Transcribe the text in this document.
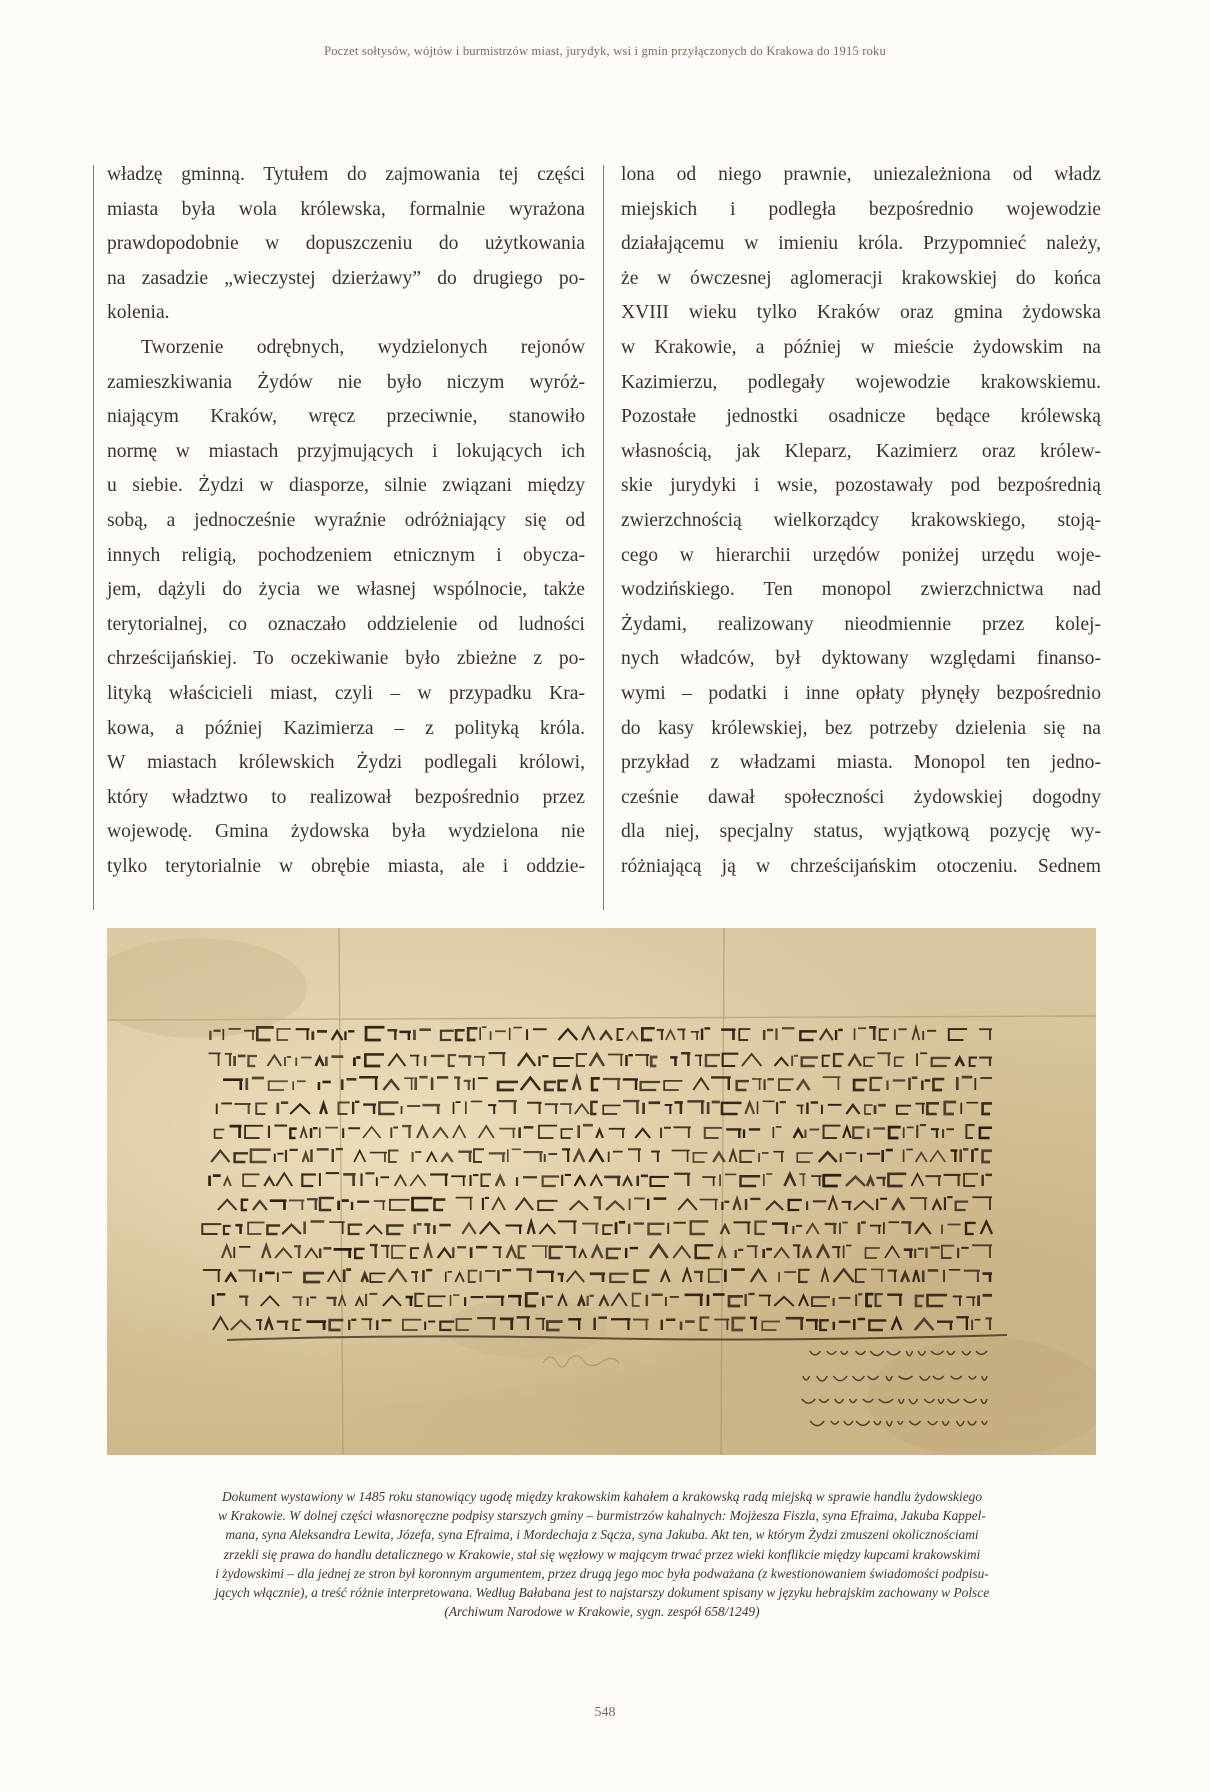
Poczet sołtysów, wójtów i burmistrzów miast, jurydyk, wsi i gmin przyłączonych do Krakowa do 1915 roku
władzę gminną. Tytułem do zajmowania tej części
miasta była wola królewska, formalnie wyrażona
prawdopodobnie w dopuszczeniu do użytkowania
na zasadzie „wieczystej dzierżawy” do drugiego po-
kolenia.
Tworzenie odrębnych, wydzielonych rejonów
zamieszkiwania Żydów nie było niczym wyróż-
niającym Kraków, wręcz przeciwnie, stanowiło
normę w miastach przyjmujących i lokujących ich
u siebie. Żydzi w diasporze, silnie związani między
sobą, a jednocześnie wyraźnie odróżniający się od
innych religią, pochodzeniem etnicznym i obycza-
jem, dążyli do życia we własnej wspólnocie, także
terytorialnej, co oznaczało oddzielenie od ludności
chrześcijańskiej. To oczekiwanie było zbieżne z po-
lityką właścicieli miast, czyli – w przypadku Kra-
kowa, a później Kazimierza – z polityką króla.
W miastach królewskich Żydzi podlegali królowi,
który władztwo to realizował bezpośrednio przez
wojewodę. Gmina żydowska była wydzielona nie
tylko terytorialnie w obrębie miasta, ale i oddzie-
lona od niego prawnie, uniezależniona od władz
miejskich i podległa bezpośrednio wojewodzie
działającemu w imieniu króla. Przypomnieć należy,
że w ówczesnej aglomeracji krakowskiej do końca
XVIII wieku tylko Kraków oraz gmina żydowska
w Krakowie, a później w mieście żydowskim na
Kazimierzu, podlegały wojewodzie krakowskiemu.
Pozostałe jednostki osadnicze będące królewską
własnością, jak Kleparz, Kazimierz oraz królew-
skie jurydyki i wsie, pozostawały pod bezpośrednią
zwierzchnością wielkorządcy krakowskiego, stoją-
cego w hierarchii urzędów poniżej urzędu woje-
wodzińskiego. Ten monopol zwierzchnictwa nad
Żydami, realizowany nieodmiennie przez kolej-
nych władców, był dyktowany względami finanso-
wymi – podatki i inne opłaty płynęły bezpośrednio
do kasy królewskiej, bez potrzeby dzielenia się na
przykład z władzami miasta. Monopol ten jedno-
cześnie dawał społeczności żydowskiej dogodny
dla niej, specjalny status, wyjątkową pozycję wy-
różniającą ją w chrześcijańskim otoczeniu. Sednem
Dokument wystawiony w 1485 roku stanowiący ugodę między krakowskim kahałem a krakowską radą miejską w sprawie handlu żydowskiego
w Krakowie. W dolnej części własnoręczne podpisy starszych gminy – burmistrzów kahalnych: Mojżesza Fiszla, syna Efraima, Jakuba Kappel-
mana, syna Aleksandra Lewita, Józefa, syna Efraima, i Mordechaja z Sącza, syna Jakuba. Akt ten, w którym Żydzi zmuszeni okolicznościami
zrzekli się prawa do handlu detalicznego w Krakowie, stał się węzłowy w mającym trwać przez wieki konflikcie między kupcami krakowskimi
i żydowskimi – dla jednej ze stron był koronnym argumentem, przez drugą jego moc była podważana (z kwestionowaniem świadomości podpisu-
jących włącznie), a treść różnie interpretowana. Według Bałabana jest to najstarszy dokument spisany w języku hebrajskim zachowany w Polsce
(Archiwum Narodowe w Krakowie, sygn. zespół 658/1249)
548
